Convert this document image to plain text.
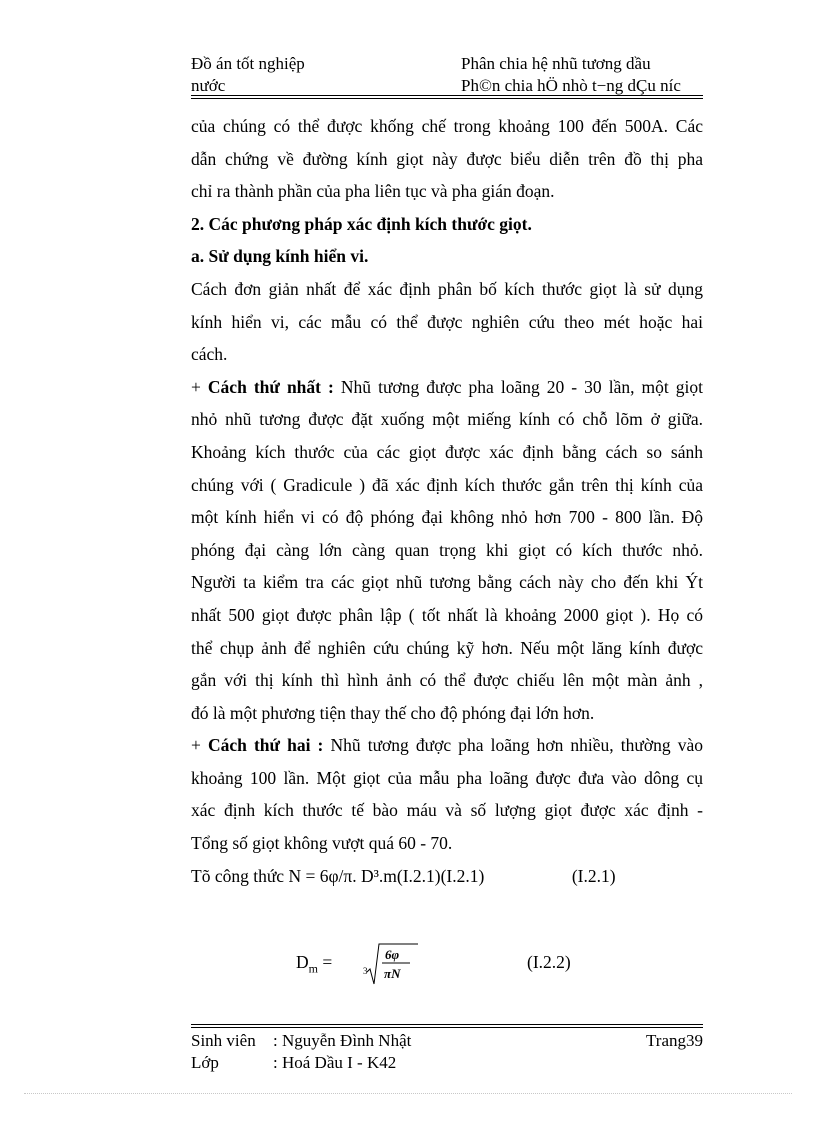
Đồ án tốt nghiệp	Phân chia hệ nhũ tương dầu
nước	Ph©n chia hÖ nhò t−ng dÇu níc
của chúng có thể được khống chế trong khoảng 100 đến 500A. Các
dẫn chứng về đường kính giọt này được biểu diễn trên đồ thị pha
chỉ ra thành phần của pha liên tục và pha gián đoạn.
2. Các phương pháp xác định kích thước giọt.
a. Sử dụng kính hiển vi.
Cách đơn giản nhất để xác định phân bố kích thước giọt là sử dụng
kính hiển vi, các mẫu có thể được nghiên cứu theo mét hoặc hai
cách.
+ Cách thứ nhất : Nhũ tương được pha loãng 20 - 30 lần, một giọt
nhỏ nhũ tương được đặt xuống một miếng kính có chỗ lõm ở giữa.
Khoảng kích thước của các giọt được xác định bằng cách so sánh
chúng với ( Gradicule ) đã xác định kích thước gắn trên thị kính của
một kính hiển vi có độ phóng đại không nhỏ hơn 700 - 800 lần. Độ
phóng đại càng lớn càng quan trọng khi giọt có kích thước nhỏ.
Người ta kiểm tra các giọt nhũ tương bằng cách này cho đến khi Ýt
nhất 500 giọt được phân lập ( tốt nhất là khoảng 2000 giọt ). Họ có
thể chụp ảnh để nghiên cứu chúng kỹ hơn. Nếu một lăng kính được
gắn với thị kính thì hình ảnh có thể được chiếu lên một màn ảnh ,
đó là một phương tiện thay thế cho độ phóng đại lớn hơn.
+ Cách thứ hai : Nhũ tương được pha loãng hơn nhiều, thường vào
khoảng 100 lần. Một giọt của mẫu pha loãng được đưa vào dông cụ
xác định kích thước tế bào máu và số lượng giọt được xác định -
Tổng số giọt không vượt quá 60 - 70.
Tõ công thức N = 6φ/π. D³.m(I.2.1)(I.2.1)                    (I.2.1)
$D_m$ =	3
6φ
πN
(I.2.2)
Sinh viên : Nguyễn Đình Nhật	Trang39
Lớp	: Hoá Dầu I - K42
